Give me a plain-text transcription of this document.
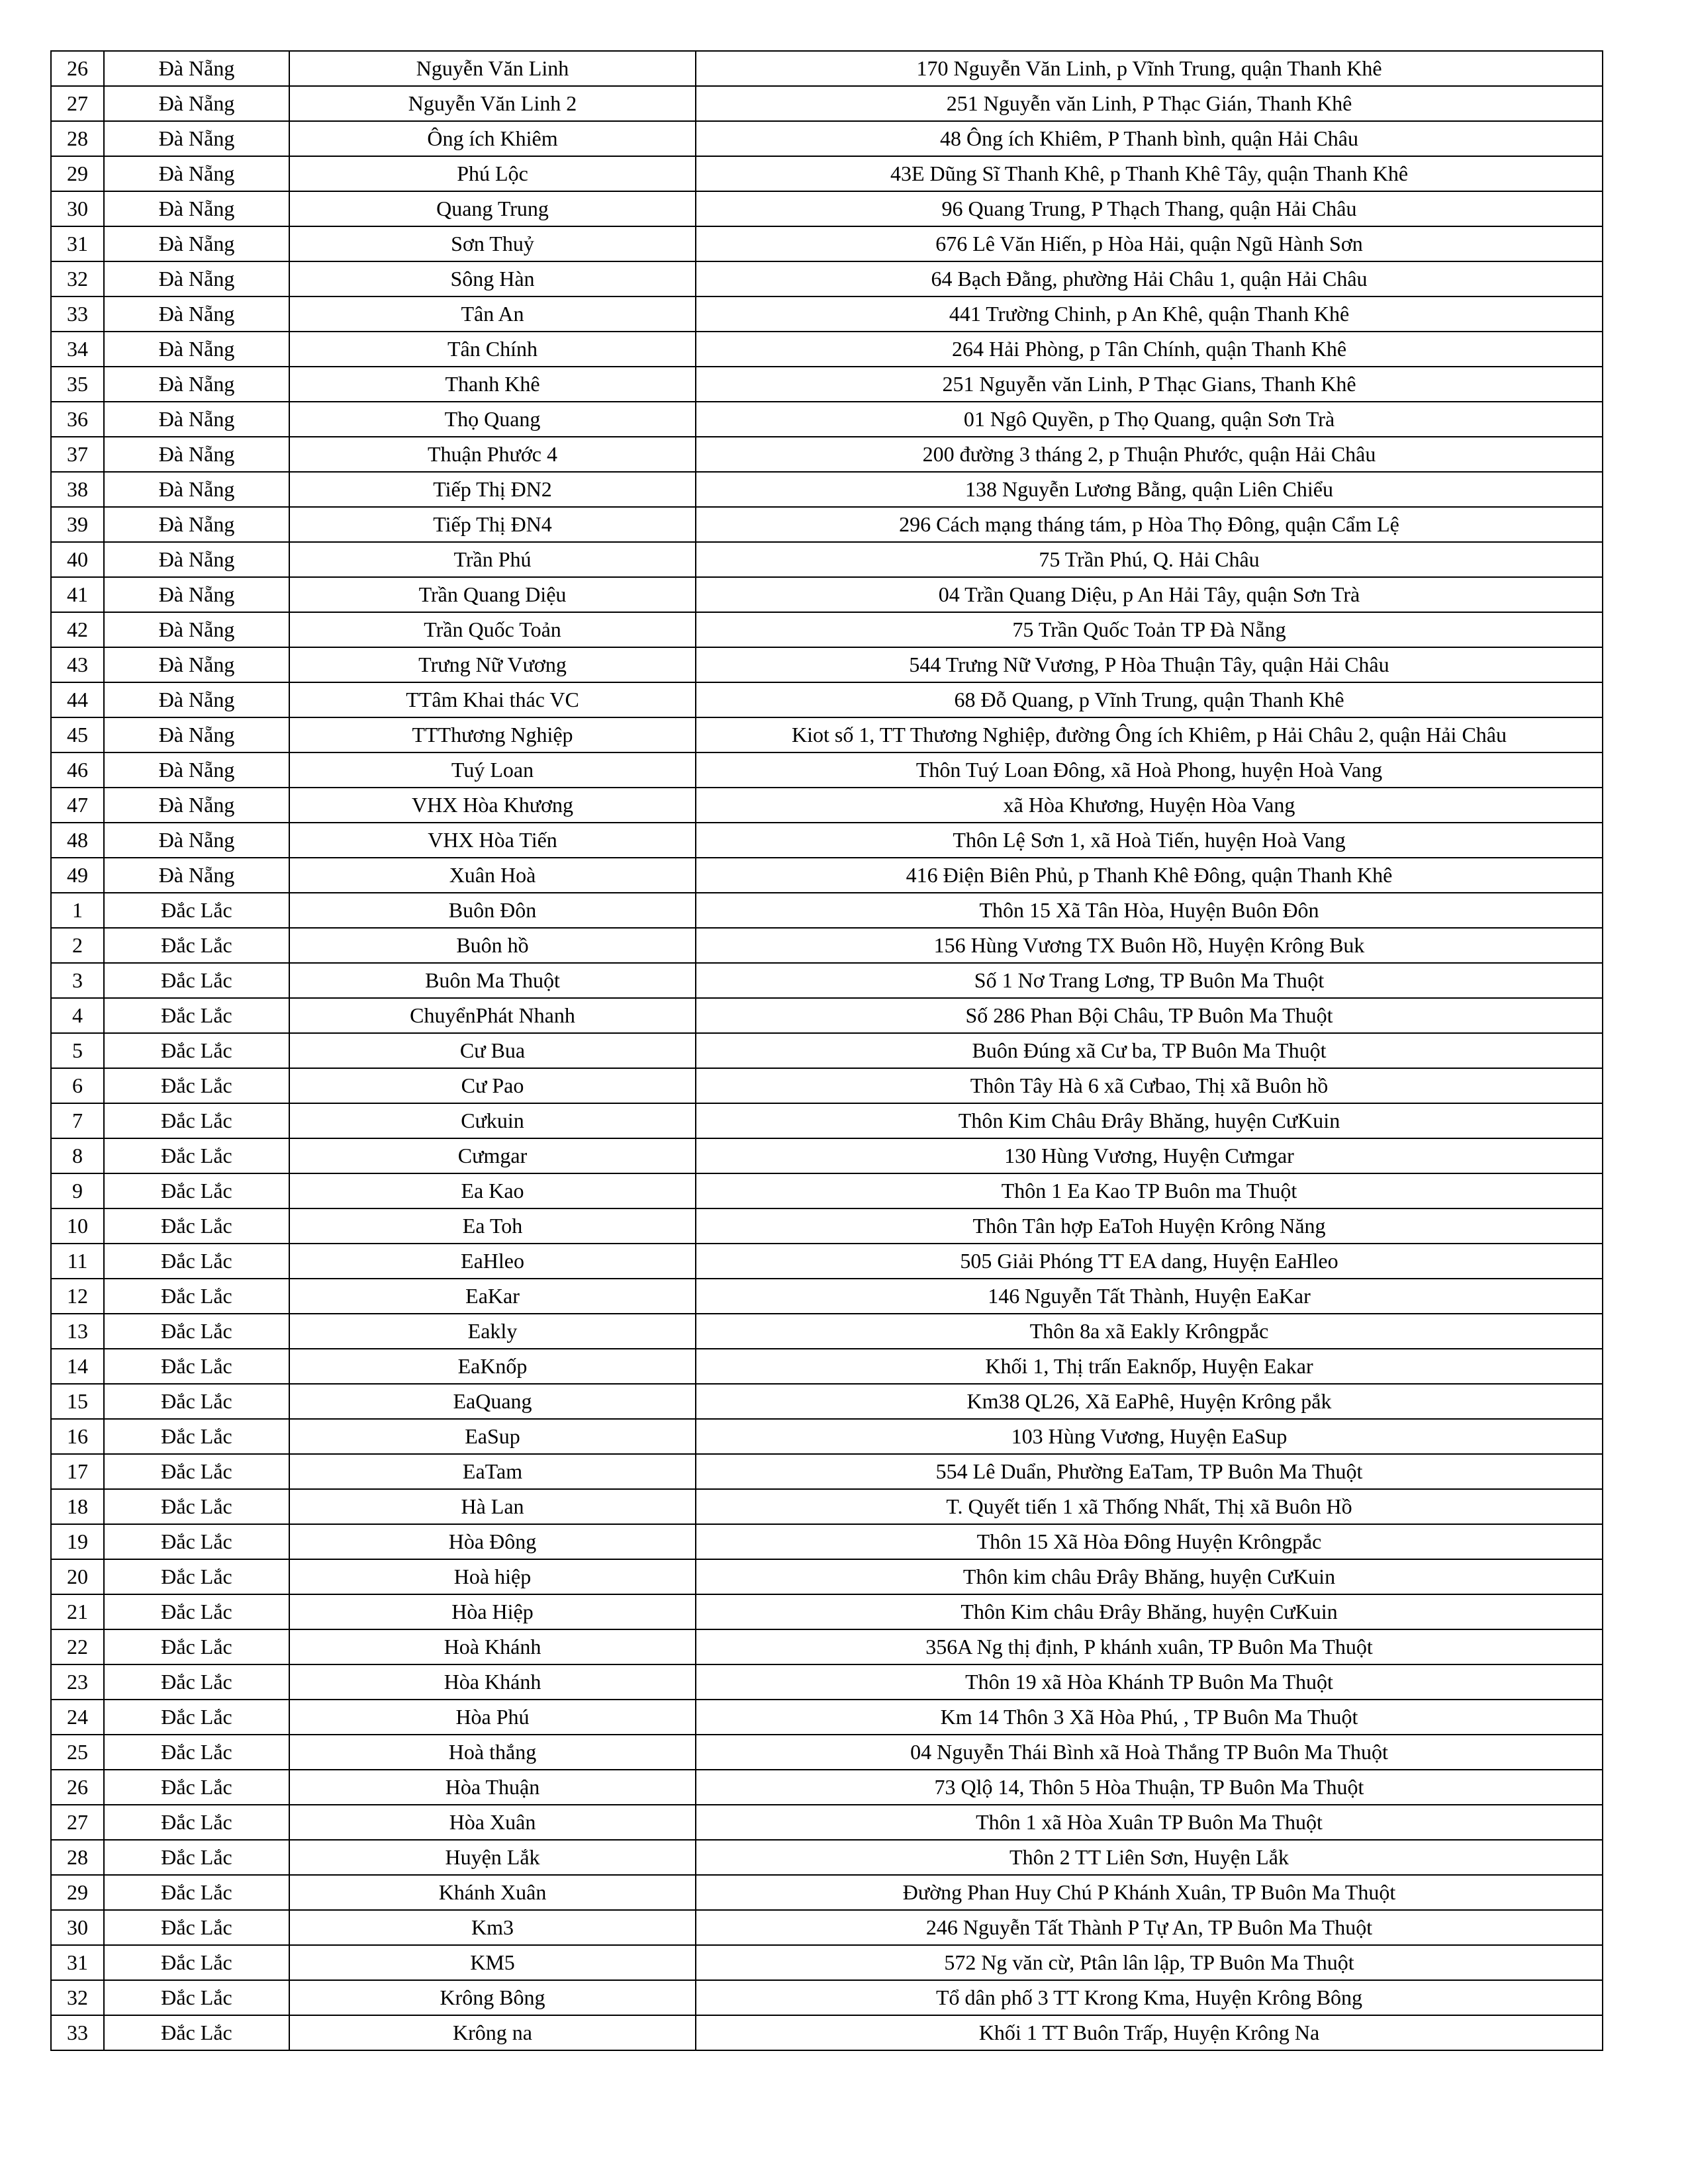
26	Đà Nẵng	Nguyễn Văn Linh	170 Nguyễn Văn Linh, p Vĩnh Trung, quận Thanh Khê
27	Đà Nẵng	Nguyễn Văn Linh 2	251 Nguyễn văn Linh, P Thạc Gián, Thanh Khê
28	Đà Nẵng	Ông ích Khiêm	48 Ông ích Khiêm, P Thanh bình, quận Hải Châu
29	Đà Nẵng	Phú Lộc	43E Dũng Sĩ Thanh Khê, p Thanh Khê Tây, quận Thanh Khê
30	Đà Nẵng	Quang Trung	96 Quang Trung, P Thạch Thang, quận Hải Châu
31	Đà Nẵng	Sơn Thuỷ	676 Lê Văn Hiến, p Hòa Hải, quận Ngũ Hành Sơn
32	Đà Nẵng	Sông Hàn	64 Bạch Đằng, phường Hải Châu 1, quận Hải Châu
33	Đà Nẵng	Tân An	441 Trường Chinh, p An Khê, quận Thanh Khê
34	Đà Nẵng	Tân Chính	264 Hải Phòng, p Tân Chính, quận Thanh Khê
35	Đà Nẵng	Thanh Khê	251 Nguyễn văn Linh, P Thạc Gians, Thanh Khê
36	Đà Nẵng	Thọ Quang	01 Ngô Quyền, p Thọ Quang, quận Sơn Trà
37	Đà Nẵng	Thuận Phước 4	200 đường 3 tháng 2, p Thuận Phước, quận Hải Châu
38	Đà Nẵng	Tiếp Thị ĐN2	138 Nguyễn Lương Bằng, quận Liên Chiểu
39	Đà Nẵng	Tiếp Thị ĐN4	296 Cách mạng tháng tám, p Hòa Thọ Đông, quận Cẩm Lệ
40	Đà Nẵng	Trần Phú	75 Trần Phú, Q. Hải Châu
41	Đà Nẵng	Trần Quang Diệu	04 Trần Quang Diệu, p An Hải Tây, quận Sơn Trà
42	Đà Nẵng	Trần Quốc Toản	75 Trần Quốc Toản TP Đà Nẵng
43	Đà Nẵng	Trưng Nữ Vương	544 Trưng Nữ Vương, P Hòa Thuận Tây, quận Hải Châu
44	Đà Nẵng	TTâm Khai thác VC	68 Đỗ Quang, p Vĩnh Trung, quận Thanh Khê
45	Đà Nẵng	TTThương Nghiệp	Kiot số 1, TT Thương Nghiệp, đường Ông ích Khiêm, p Hải Châu 2, quận Hải Châu
46	Đà Nẵng	Tuý Loan	Thôn Tuý Loan Đông, xã Hoà Phong, huyện Hoà Vang
47	Đà Nẵng	VHX Hòa Khương	xã Hòa Khương, Huyện Hòa Vang
48	Đà Nẵng	VHX Hòa Tiến	Thôn Lệ Sơn 1, xã Hoà Tiến, huyện Hoà Vang
49	Đà Nẵng	Xuân Hoà	416 Điện Biên Phủ, p Thanh Khê Đông, quận Thanh Khê
1	Đắc Lắc	Buôn Đôn	Thôn 15 Xã Tân Hòa, Huyện Buôn Đôn
2	Đắc Lắc	Buôn hồ	156 Hùng Vương TX Buôn Hồ, Huyện Krông Buk
3	Đắc Lắc	Buôn Ma Thuột	Số 1 Nơ Trang Lơng, TP Buôn Ma Thuột
4	Đắc Lắc	ChuyểnPhát Nhanh	Số 286 Phan Bội Châu, TP Buôn Ma Thuột
5	Đắc Lắc	Cư Bua	Buôn Đúng xã Cư ba, TP Buôn Ma Thuột
6	Đắc Lắc	Cư Pao	Thôn Tây Hà 6 xã Cưbao, Thị xã Buôn hồ
7	Đắc Lắc	Cưkuin	Thôn Kim Châu Đrây Bhăng, huyện CưKuin
8	Đắc Lắc	Cưmgar	130 Hùng Vương, Huyện Cưmgar
9	Đắc Lắc	Ea Kao	Thôn 1 Ea Kao TP Buôn ma Thuột
10	Đắc Lắc	Ea Toh	Thôn Tân hợp EaToh Huyện Krông Năng
11	Đắc Lắc	EaHleo	505 Giải Phóng TT EA dang, Huyện EaHleo
12	Đắc Lắc	EaKar	146 Nguyễn Tất Thành, Huyện EaKar
13	Đắc Lắc	Eakly	Thôn 8a xã Eakly Krôngpắc
14	Đắc Lắc	EaKnốp	Khối 1, Thị trấn Eaknốp, Huyện Eakar
15	Đắc Lắc	EaQuang	Km38 QL26, Xã EaPhê, Huyện Krông pắk
16	Đắc Lắc	EaSup	103 Hùng Vương, Huyện EaSup
17	Đắc Lắc	EaTam	554 Lê Duẩn, Phường EaTam, TP Buôn Ma Thuột
18	Đắc Lắc	Hà Lan	T. Quyết tiến 1 xã Thống Nhất, Thị xã Buôn Hồ
19	Đắc Lắc	Hòa Đông	Thôn 15 Xã Hòa Đông Huyện Krôngpắc
20	Đắc Lắc	Hoà hiệp	Thôn kim châu Đrây Bhăng, huyện CưKuin
21	Đắc Lắc	Hòa Hiệp	Thôn Kim châu Đrây Bhăng, huyện CưKuin
22	Đắc Lắc	Hoà Khánh	356A Ng thị định, P khánh xuân, TP Buôn Ma Thuột
23	Đắc Lắc	Hòa Khánh	Thôn 19 xã Hòa Khánh TP Buôn Ma Thuột
24	Đắc Lắc	Hòa Phú	Km 14 Thôn 3 Xã Hòa Phú, , TP Buôn Ma Thuột
25	Đắc Lắc	Hoà thắng	04 Nguyễn Thái Bình xã Hoà Thắng TP Buôn Ma Thuột
26	Đắc Lắc	Hòa Thuận	73 Qlộ 14, Thôn 5 Hòa Thuận, TP Buôn Ma Thuột
27	Đắc Lắc	Hòa Xuân	Thôn 1 xã Hòa Xuân TP Buôn Ma Thuột
28	Đắc Lắc	Huyện Lắk	Thôn 2 TT Liên Sơn, Huyện Lắk
29	Đắc Lắc	Khánh Xuân	Đường Phan Huy Chú P Khánh Xuân, TP Buôn Ma Thuột
30	Đắc Lắc	Km3	246 Nguyễn Tất Thành P Tự An, TP Buôn Ma Thuột
31	Đắc Lắc	KM5	572 Ng văn cừ, Ptân lân lập, TP Buôn Ma Thuột
32	Đắc Lắc	Krông Bông	Tổ dân phố 3 TT Krong Kma, Huyện Krông Bông
33	Đắc Lắc	Krông na	Khối 1 TT Buôn Trấp, Huyện Krông Na
